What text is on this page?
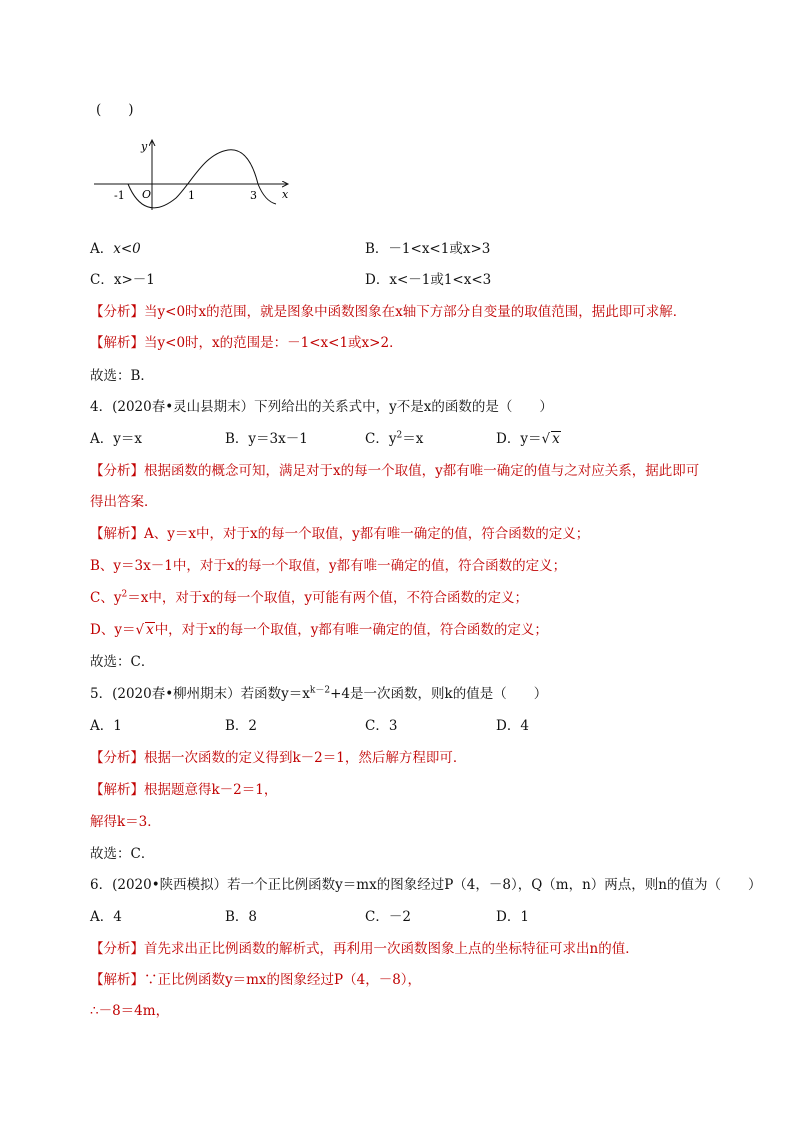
(　　)
y
x
O
-1	1	3
A．x<0	B．－1<x<1或x>3
C．x>－1	D．x<－1或1<x<3
【分析】当y<0时x的范围，就是图象中函数图象在x轴下方部分自变量的取值范围，据此即可求解．
【解析】当y<0时，x的范围是：－1<x<1或x>2．
故选：B．
4．(2020春•灵山县期末）下列给出的关系式中，y不是x的函数的是（　　）
A．y＝x	B．y＝3x－1	C．$y^2=x$	D．y＝√ x
【分析】根据函数的概念可知，满足对于x的每一个取值，y都有唯一确定的值与之对应关系，据此即可
得出答案．
【解析】A、y＝x中，对于x的每一个取值，y都有唯一确定的值，符合函数的定义；
B、y＝3x－1中，对于x的每一个取值，y都有唯一确定的值，符合函数的定义；
C、$y^2=x$中，对于x的每一个取值，y可能有两个值，不符合函数的定义；
D、y＝√ x中，对于x的每一个取值，y都有唯一确定的值，符合函数的定义；
故选：C．
5．(2020春•柳州期末）若函数$y=x^{k-2}+4$是一次函数，则k的值是（　　）
A．1	B．2	C．3	D．4
【分析】根据一次函数的定义得到k－2＝1，然后解方程即可．
【解析】根据题意得k－2＝1，
解得k＝3．
故选：C．
6．(2020•陕西模拟）若一个正比例函数y＝mx的图象经过P（4，－8），Q（m，n）两点，则n的值为（　　）
A．4	B．8	C．－2	D．1
【分析】首先求出正比例函数的解析式，再利用一次函数图象上点的坐标特征可求出n的值．
【解析】∵正比例函数y＝mx的图象经过P（4，－8），
∴－8＝4m，
